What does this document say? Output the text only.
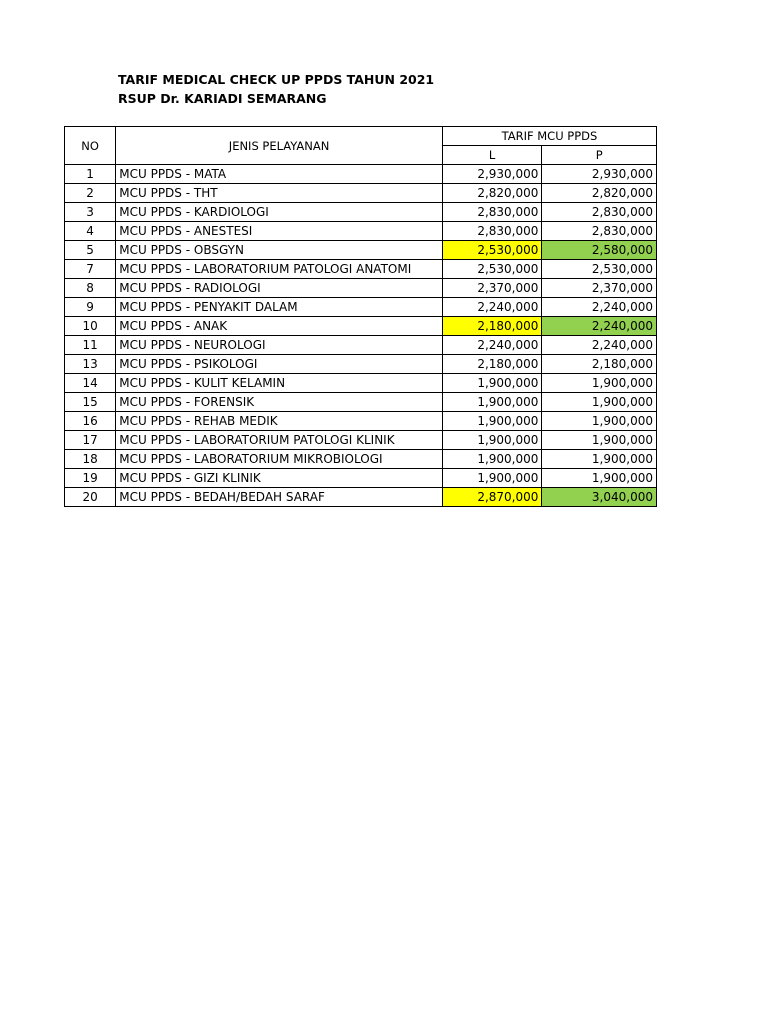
TARIF MEDICAL CHECK UP PPDS TAHUN 2021
RSUP Dr. KARIADI SEMARANG
NO	JENIS PELAYANAN	TARIF MCU PPDS	
		L	P
1	MCU PPDS - MATA	2,930,000	2,930,000
2	MCU PPDS - THT	2,820,000	2,820,000
3	MCU PPDS - KARDIOLOGI	2,830,000	2,830,000
4	MCU PPDS - ANESTESI	2,830,000	2,830,000
5	MCU PPDS - OBSGYN	2,530,000	2,580,000
7	MCU PPDS - LABORATORIUM PATOLOGI ANATOMI	2,530,000	2,530,000
8	MCU PPDS - RADIOLOGI	2,370,000	2,370,000
9	MCU PPDS - PENYAKIT DALAM	2,240,000	2,240,000
10	MCU PPDS - ANAK	2,180,000	2,240,000
11	MCU PPDS - NEUROLOGI	2,240,000	2,240,000
13	MCU PPDS - PSIKOLOGI	2,180,000	2,180,000
14	MCU PPDS - KULIT KELAMIN	1,900,000	1,900,000
15	MCU PPDS - FORENSIK	1,900,000	1,900,000
16	MCU PPDS - REHAB MEDIK	1,900,000	1,900,000
17	MCU PPDS - LABORATORIUM PATOLOGI KLINIK	1,900,000	1,900,000
18	MCU PPDS - LABORATORIUM MIKROBIOLOGI	1,900,000	1,900,000
19	MCU PPDS - GIZI KLINIK	1,900,000	1,900,000
20	MCU PPDS - BEDAH/BEDAH SARAF	2,870,000	3,040,000
